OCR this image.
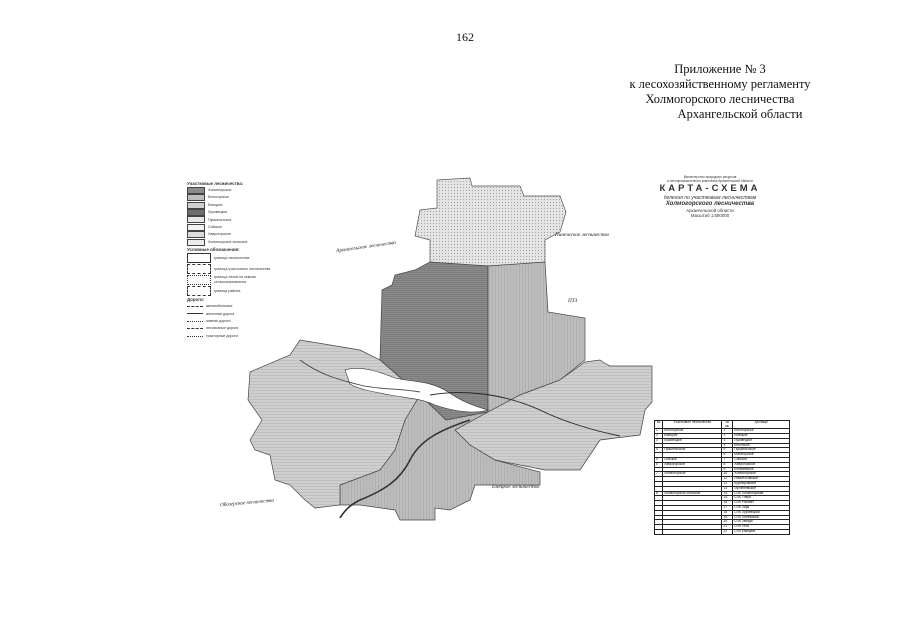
162
Приложение № 3
к лесохозяйственному регламенту
Холмогорского лесничества
Архангельской области
Участковые лесничества:
Холмогорское
Белогорское
Емецкое
Луковецкое
Пукшеньгское
Сийское
Хаврогорское
Холмогорское сельское
Условные обозначения:
граница лесничества
граница участкового лесничества
граница лесов на землях сельхозназначения
граница района
Дороги:
автомобильные
железная дорога
зимние дороги
лесовозные дороги
тракторные дороги
Министерство природных ресурсов
и лесопромышленного комплекса Архангельской области
КАРТА-СХЕМА
деления по участковым лесничествам
Холмогорского лесничества
Архангельской области
Масштаб 1:500000
Пинежское лесничество
Архангельское лесничество
ПТЗ
Обозерское лесничество
Емецкое лесничество
№	Участковое лесничество	№ кв.	Урочище
1	Белогорское	1	Белогорское
2	Емецкое	2	Емецкое
3	Луковецкое	3	Луковецкое
		4	Кехотское
4	Пукшеньгское	5	Пукшеньгское
		6	Матигорское
5	Сийское	7	Сийское
6	Хаврогорское	8	Хаврогорское
		9	Копачевское
7	Холмогорское	10	Холмогорское
		11	Ломоносовское
		12	Курostровское
		13	Чухченемское
8	Холмогорское сельское	14	СПК Холмогорский
		15	СПК Товра
		16	СПК Рассвет
		17	СПК Заря
		18	СПК Луковецкий
		19	СПК Пинежский
		20	СПК Звезда
		21	СПК Ухта
		22	СПК Емецкий
